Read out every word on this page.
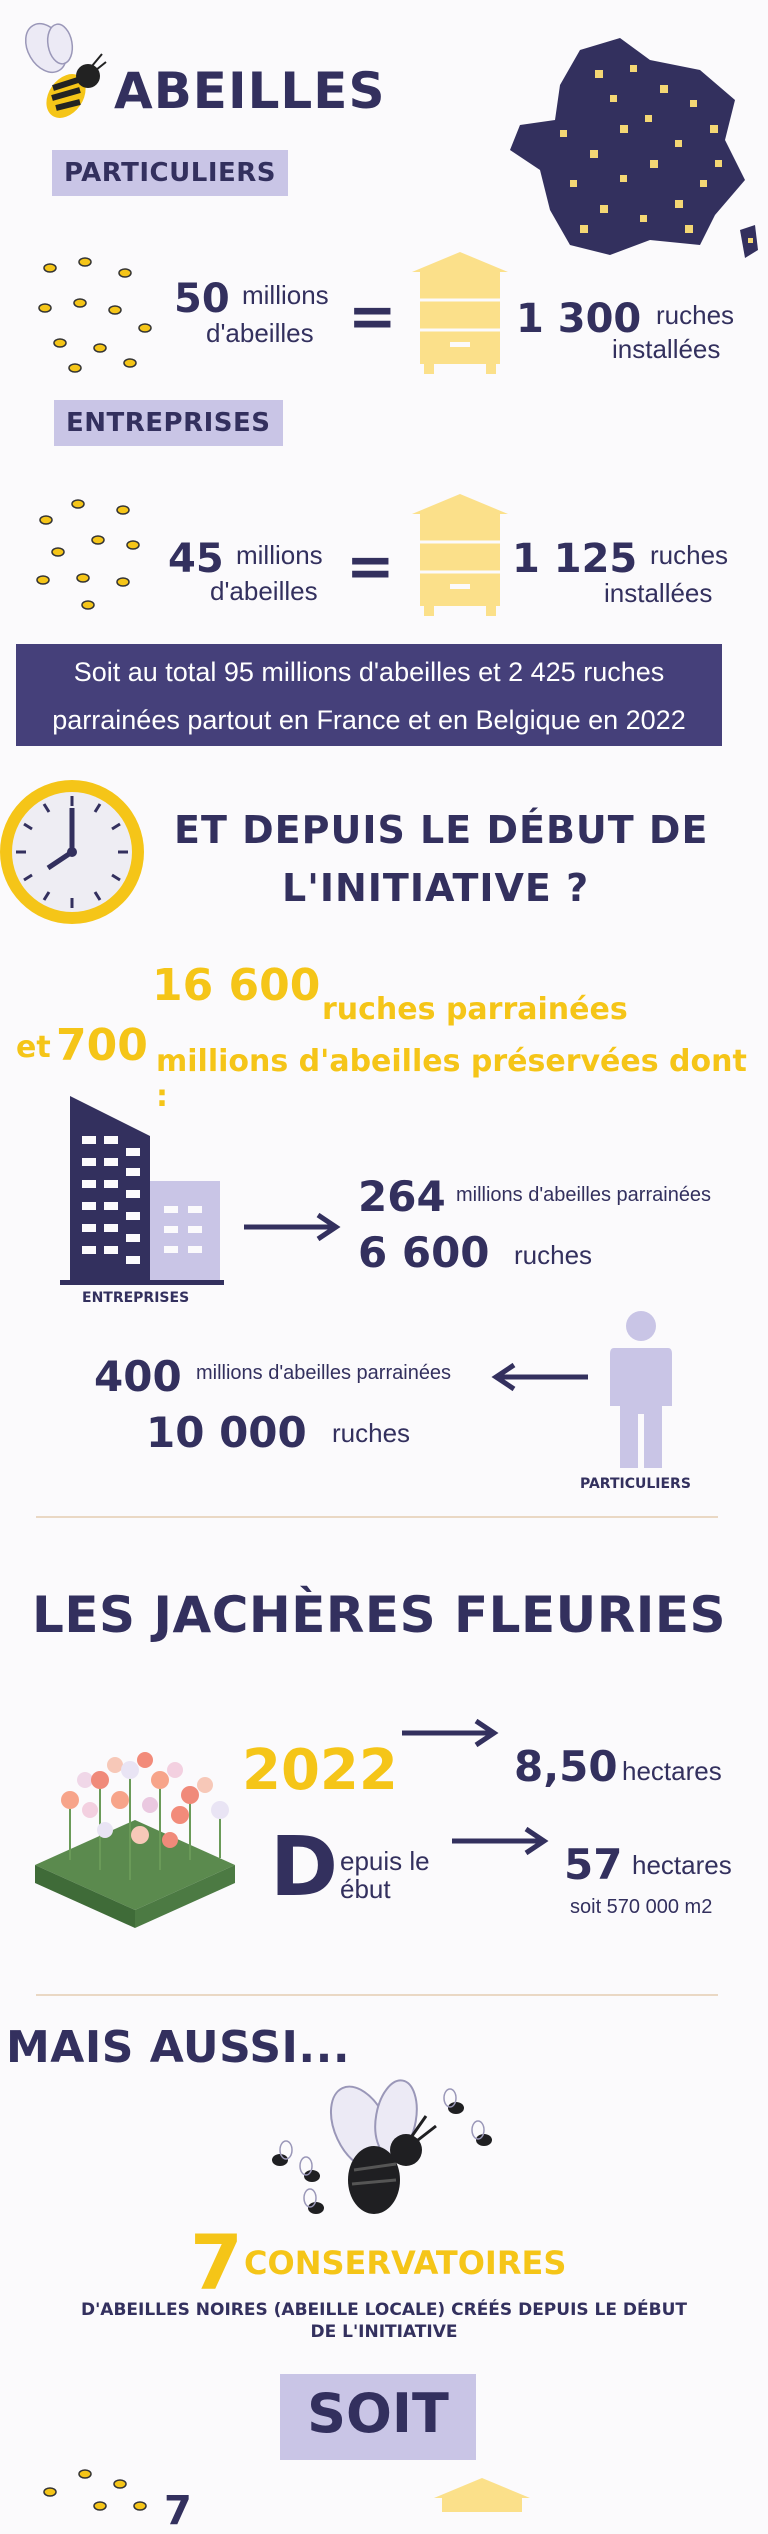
ABEILLES
PARTICULIERS
50 millions
d'abeilles =	1 300 ruches
installées
ENTREPRISES
45 millions
d'abeilles =	1 125 ruches
installées
Soit au total 95 millions d'abeilles et 2 425 ruches
parrainées partout en France et en Belgique en 2022
ET DEPUIS LE DÉBUT DE
L'INITIATIVE ?
16 600 ruches parrainées
et 700 millions d'abeilles préservées dont :
ENTREPRISES
264 millions d'abeilles parrainées
6 600 ruches
400 millions d'abeilles parrainées
10 000 ruches
PARTICULIERS
LES JACHÈRES FLEURIES
2022	8,50 hectares
D epuis le
ébut	57 hectares
soit 570 000 m2
MAIS AUSSI...
7 CONSERVATOIRES
D'ABEILLES NOIRES (ABEILLE LOCALE) CRÉÉS DEPUIS LE DÉBUT
DE L'INITIATIVE
SOIT
7
